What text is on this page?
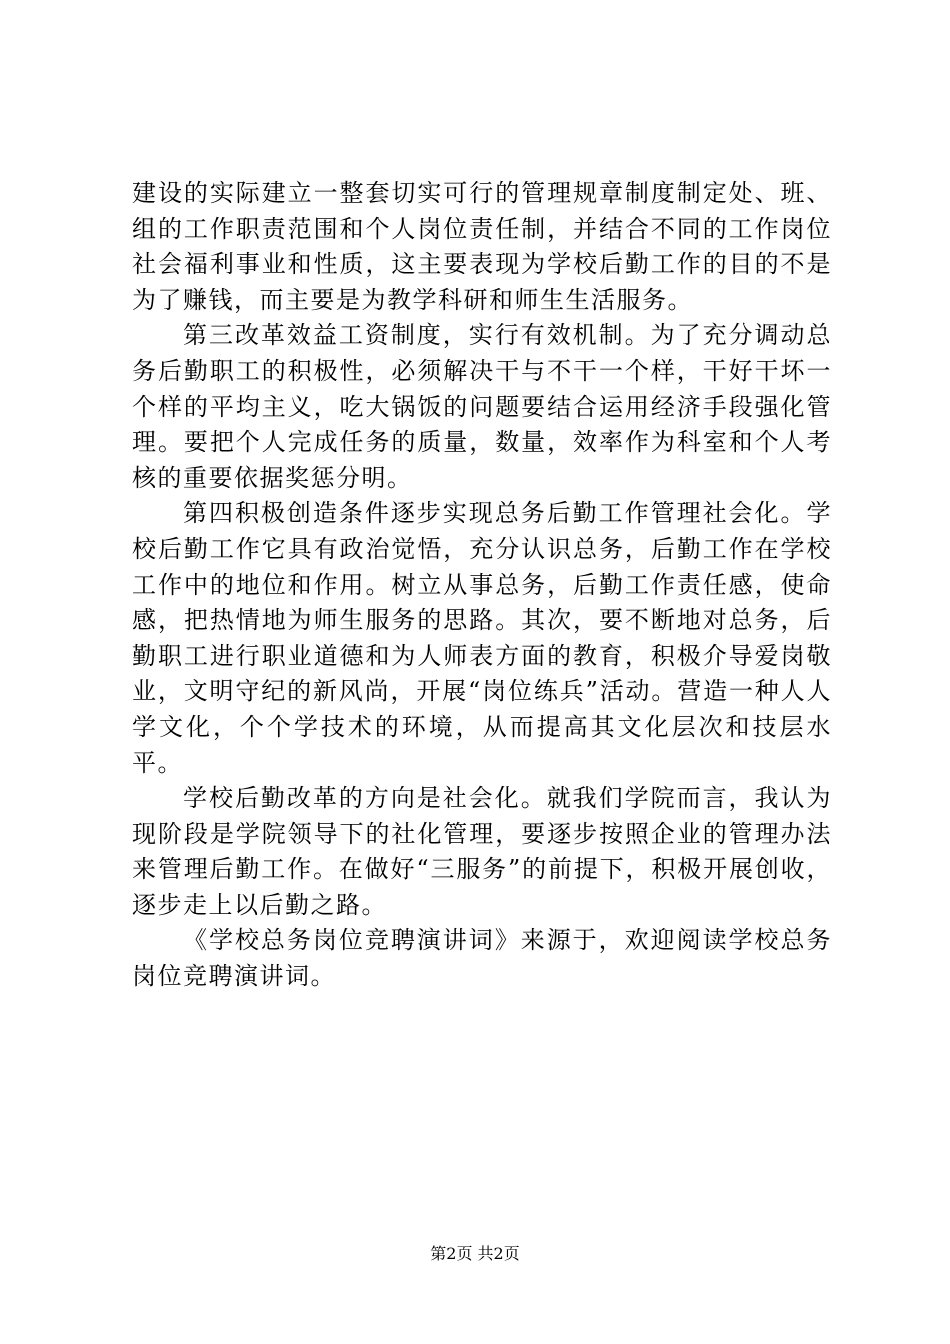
建设的实际建立一整套切实可行的管理规章制度制定处、班、组的工作职责范围和个人岗位责任制，并结合不同的工作岗位社会福利事业和性质，这主要表现为学校后勤工作的目的不是为了赚钱，而主要是为教学科研和师生生活服务。

第三改革效益工资制度，实行有效机制。为了充分调动总务后勤职工的积极性，必须解决干与不干一个样，干好干坏一个样的平均主义，吃大锅饭的问题要结合运用经济手段强化管理。要把个人完成任务的质量，数量，效率作为科室和个人考核的重要依据奖惩分明。

第四积极创造条件逐步实现总务后勤工作管理社会化。学校后勤工作它具有政治觉悟，充分认识总务，后勤工作在学校工作中的地位和作用。树立从事总务，后勤工作责任感，使命感，把热情地为师生服务的思路。其次，要不断地对总务，后勤职工进行职业道德和为人师表方面的教育，积极介导爱岗敬业，文明守纪的新风尚，开展“岗位练兵”活动。营造一种人人学文化，个个学技术的环境，从而提高其文化层次和技层水平。

学校后勤改革的方向是社会化。就我们学院而言，我认为现阶段是学院领导下的社化管理，要逐步按照企业的管理办法来管理后勤工作。在做好“三服务”的前提下，积极开展创收，逐步走上以后勤之路。

《学校总务岗位竞聘演讲词》来源于，欢迎阅读学校总务岗位竞聘演讲词。

第2页 共2页
